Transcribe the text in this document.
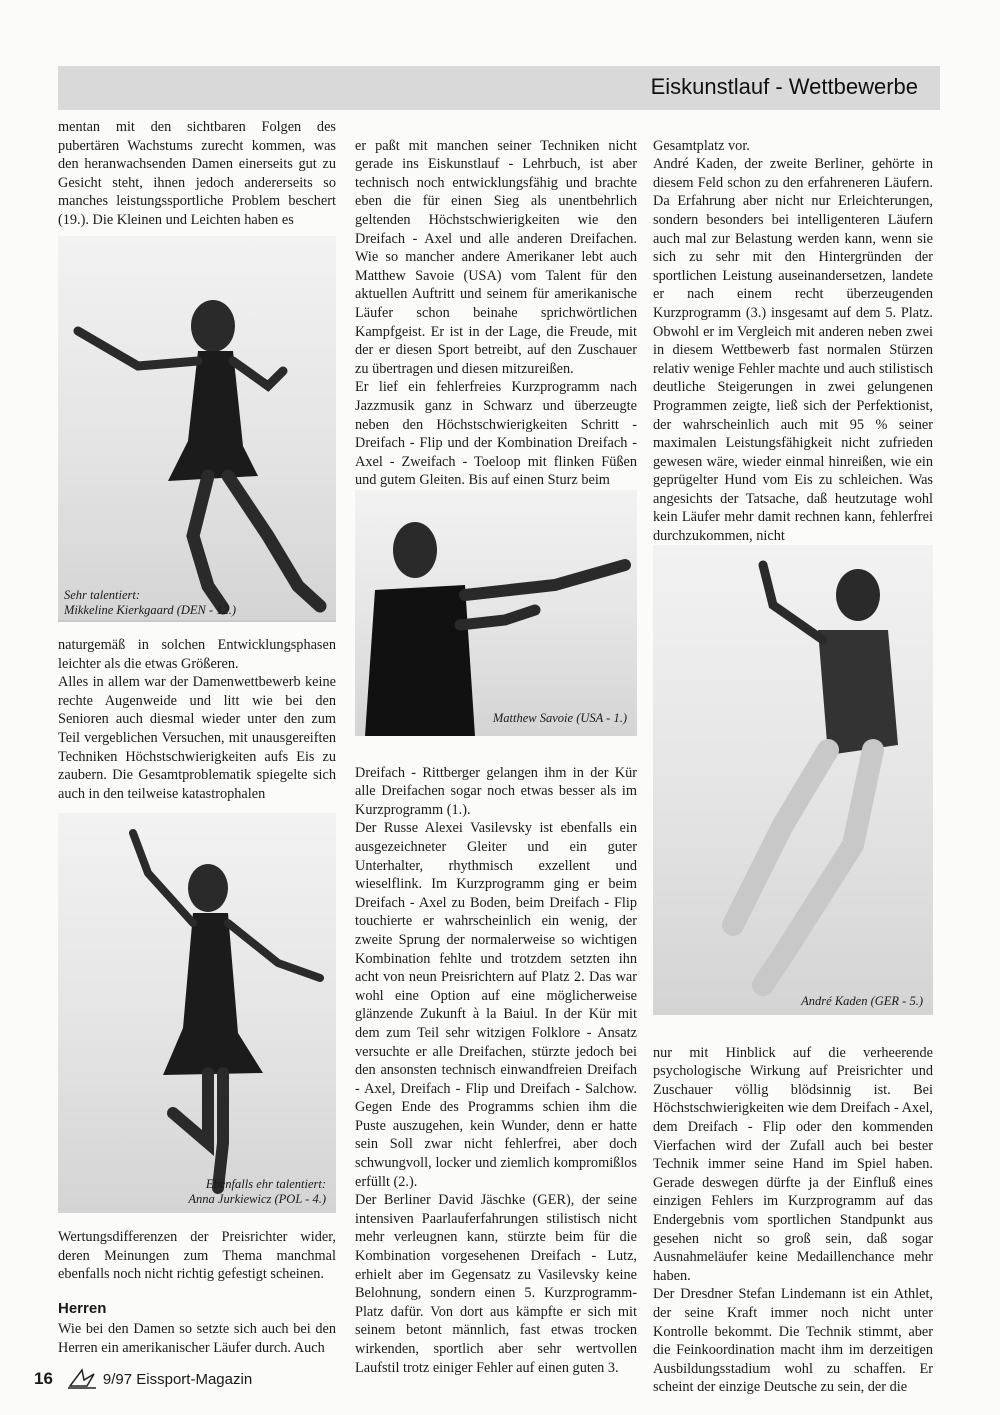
Eiskunstlauf - Wettbewerbe

mentan mit den sichtbaren Folgen des pubertären Wachstums zurecht kommen, was den heranwachsenden Damen einerseits gut zu Gesicht steht, ihnen jedoch andererseits so manches leistungssportliche Problem beschert (19.). Die Kleinen und Leichten haben es

Sehr talentiert:
Mikkeline Kierkgaard (DEN - 12.)

naturgemäß in solchen Entwicklungsphasen leichter als die etwas Größeren.
Alles in allem war der Damenwettbewerb keine rechte Augenweide und litt wie bei den Senioren auch diesmal wieder unter den zum Teil vergeblichen Versuchen, mit unausgereiften Techniken Höchstschwierigkeiten aufs Eis zu zaubern. Die Gesamtproblematik spiegelte sich auch in den teilweise katastrophalen

Ebenfalls ehr talentiert:
Anna Jurkiewicz (POL - 4.)

Wertungsdifferenzen der Preisrichter wider, deren Meinungen zum Thema manchmal ebenfalls noch nicht richtig gefestigt scheinen.

Herren

Wie bei den Damen so setzte sich auch bei den Herren ein amerikanischer Läufer durch. Auch

er paßt mit manchen seiner Techniken nicht gerade ins Eiskunstlauf - Lehrbuch, ist aber technisch noch entwicklungsfähig und brachte eben die für einen Sieg als unentbehrlich geltenden Höchstschwierigkeiten wie den Dreifach - Axel und alle anderen Dreifachen. Wie so mancher andere Amerikaner lebt auch Matthew Savoie (USA) vom Talent für den aktuellen Auftritt und seinem für amerikanische Läufer schon beinahe sprichwörtlichen Kampfgeist. Er ist in der Lage, die Freude, mit der er diesen Sport betreibt, auf den Zuschauer zu übertragen und diesen mitzureißen.
Er lief ein fehlerfreies Kurzprogramm nach Jazzmusik ganz in Schwarz und überzeugte neben den Höchstschwierigkeiten Schritt - Dreifach - Flip und der Kombination Dreifach - Axel - Zweifach - Toeloop mit flinken Füßen und gutem Gleiten. Bis auf einen Sturz beim

Matthew Savoie (USA - 1.)

Dreifach - Rittberger gelangen ihm in der Kür alle Dreifachen sogar noch etwas besser als im Kurzprogramm (1.).
Der Russe Alexei Vasilevsky ist ebenfalls ein ausgezeichneter Gleiter und ein guter Unterhalter, rhythmisch exzellent und wieselflink. Im Kurzprogramm ging er beim Dreifach - Axel zu Boden, beim Dreifach - Flip touchierte er wahrscheinlich ein wenig, der zweite Sprung der normalerweise so wichtigen Kombination fehlte und trotzdem setzten ihn acht von neun Preisrichtern auf Platz 2. Das war wohl eine Option auf eine möglicherweise glänzende Zukunft à la Baiul. In der Kür mit dem zum Teil sehr witzigen Folklore - Ansatz versuchte er alle Dreifachen, stürzte jedoch bei den ansonsten technisch einwandfreien Dreifach - Axel, Dreifach - Flip und Dreifach - Salchow. Gegen Ende des Programms schien ihm die Puste auszugehen, kein Wunder, denn er hatte sein Soll zwar nicht fehlerfrei, aber doch schwungvoll, locker und ziemlich kompromißlos erfüllt (2.).
Der Berliner David Jäschke (GER), der seine intensiven Paarlauferfahrungen stilistisch nicht mehr verleugnen kann, stürzte beim für die Kombination vorgesehenen Dreifach - Lutz, erhielt aber im Gegensatz zu Vasilevsky keine Belohnung, sondern einen 5. Kurzprogramm-Platz dafür. Von dort aus kämpfte er sich mit seinem betont männlich, fast etwas trocken wirkenden, sportlich aber sehr wertvollen Laufstil trotz einiger Fehler auf einen guten 3.

Gesamtplatz vor.
André Kaden, der zweite Berliner, gehörte in diesem Feld schon zu den erfahreneren Läufern. Da Erfahrung aber nicht nur Erleichterungen, sondern besonders bei intelligenteren Läufern auch mal zur Belastung werden kann, wenn sie sich zu sehr mit den Hintergründen der sportlichen Leistung auseinandersetzen, landete er nach einem recht überzeugenden Kurzprogramm (3.) insgesamt auf dem 5. Platz. Obwohl er im Vergleich mit anderen neben zwei in diesem Wettbewerb fast normalen Stürzen relativ wenige Fehler machte und auch stilistisch deutliche Steigerungen in zwei gelungenen Programmen zeigte, ließ sich der Perfektionist, der wahrscheinlich auch mit 95 % seiner maximalen Leistungsfähigkeit nicht zufrieden gewesen wäre, wieder einmal hinreißen, wie ein geprügelter Hund vom Eis zu schleichen. Was angesichts der Tatsache, daß heutzutage wohl kein Läufer mehr damit rechnen kann, fehlerfrei durchzukommen, nicht

André Kaden (GER - 5.)

nur mit Hinblick auf die verheerende psychologische Wirkung auf Preisrichter und Zuschauer völlig blödsinnig ist. Bei Höchstschwierigkeiten wie dem Dreifach - Axel, dem Dreifach - Flip oder den kommenden Vierfachen wird der Zufall auch bei bester Technik immer seine Hand im Spiel haben. Gerade deswegen dürfte ja der Einfluß eines einzigen Fehlers im Kurzprogramm auf das Endergebnis vom sportlichen Standpunkt aus gesehen nicht so groß sein, daß sogar Ausnahmeläufer keine Medaillenchance mehr haben.
Der Dresdner Stefan Lindemann ist ein Athlet, der seine Kraft immer noch nicht unter Kontrolle bekommt. Die Technik stimmt, aber die Feinkoordination macht ihm im derzeitigen Ausbildungsstadium wohl zu schaffen. Er scheint der einzige Deutsche zu sein, der die

16	9/97 Eissport-Magazin
